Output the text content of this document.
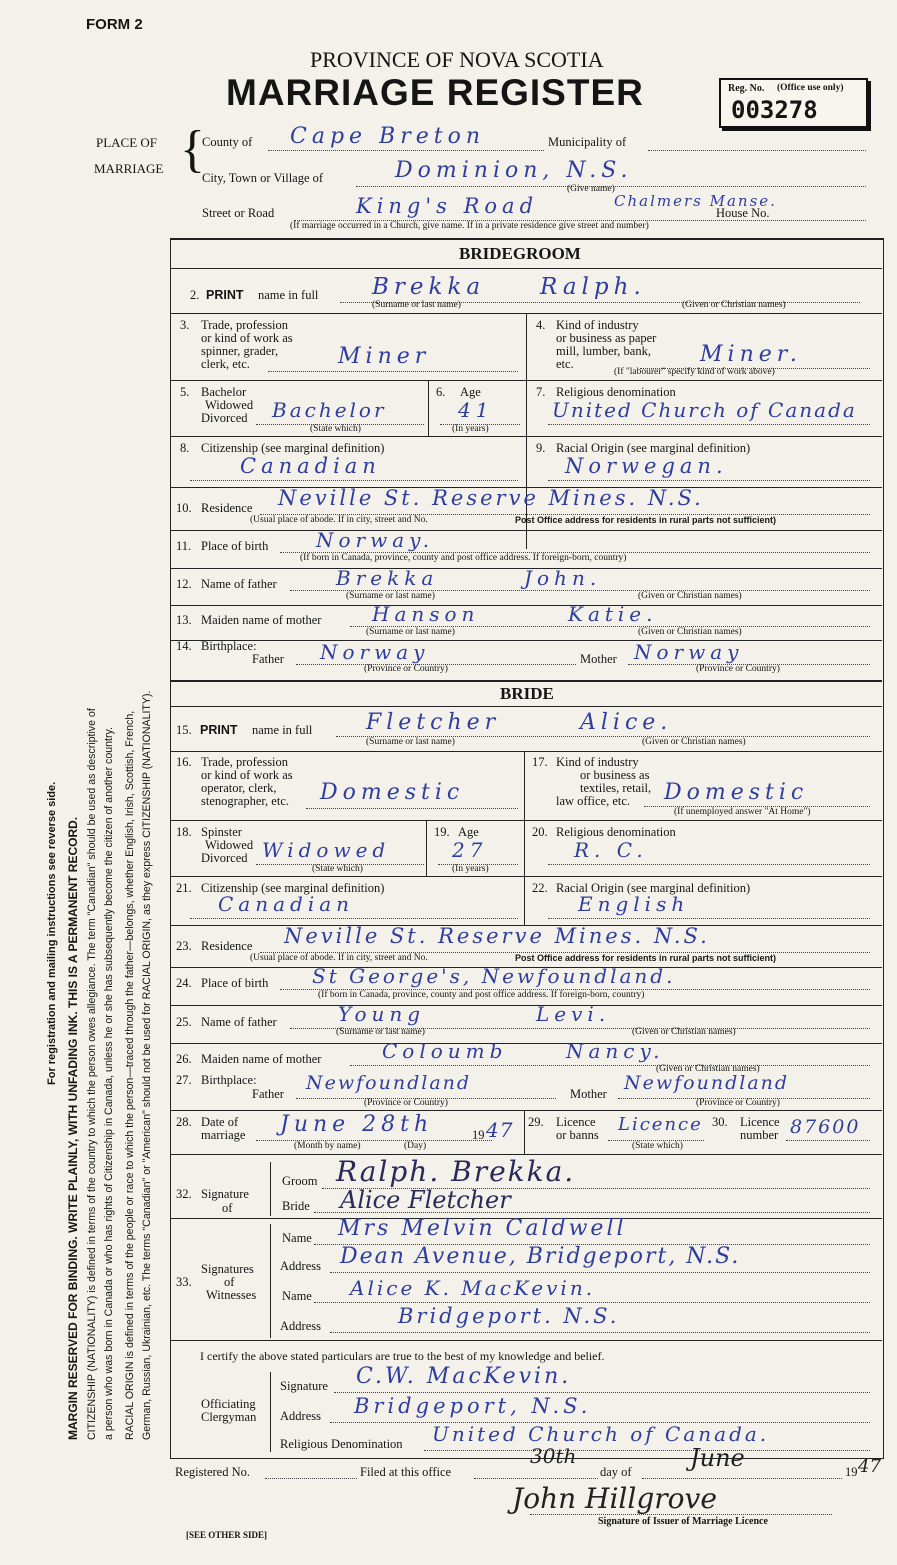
FORM 2
PROVINCE OF NOVA SCOTIA
MARRIAGE REGISTER	Reg. No. (Office use only)
003278
For registration and mailing instructions see reverse side. MARGIN RESERVED FOR BINDING. WRITE PLAINLY, WITH UNFADING INK. THIS IS A PERMANENT RECORD. CITIZENSHIP (NATIONALITY) is defined in terms of the country to which the person owes allegiance. The term "Canadian" should be used as descriptive of a person who was born in Canada or who has rights of Citizenship in Canada, unless he or she has subsequently become the citizen of another country. RACIAL ORIGIN is defined in terms of the people or race to which the person—traced through the father—belongs, whether English, Irish, Scottish, French, German, Russian, Ukrainian, etc. The terms "Canadian" or "American" should not be used for RACIAL ORIGIN, as they express CITIZENSHIP (NATIONALITY).
PLACE OF
MARRIAGE {
County of Cape Breton	Municipality of
City, Town or Village of	Dominion, N.S.
(Give name)
Street or Road	King's Road	Chalmers Manse.
House No.
(If marriage occurred in a Church, give name. If in a private residence give street and number)
BRIDEGROOM
2. PRINT name in full Brekka Ralph.
(Surname or last name)	(Given or Christian names)
3. Trade, profession
or kind of work as
spinner, grader,
clerk, etc.	Miner
4. Kind of industry
or business as paper
mill, lumber, bank,
etc.	Miner.
(If "labourer" specify kind of work above)
5. Bachelor
Widowed
Divorced Bachelor
(State which)
6. Age
41
(In years)
7. Religious denomination
United Church of Canada
8. Citizenship (see marginal definition)
Canadian
9. Racial Origin (see marginal definition)
Norwegan.
10. Residence Neville St. Reserve Mines. N.S.
(Usual place of abode. If in city, street and No.	Post Office address for residents in rural parts not sufficient)
11. Place of birth Norway.
(If born in Canada, province, county and post office address. If foreign-born, country)
12. Name of father	Brekka	John.
(Surname or last name)	(Given or Christian names)
13. Maiden name of mother	Hanson	Katie.
(Surname or last name)	(Given or Christian names)
14. Birthplace:
Father Norway	Mother Norway
(Province or Country)	(Province or Country)
BRIDE
15. PRINT name in full Fletcher	Alice.
(Surname or last name)	(Given or Christian names)
16. Trade, profession
or kind of work as
operator, clerk,
stenographer, etc. Domestic
17. Kind of industry
or business as
textiles, retail,
law office, etc. Domestic
(If unemployed answer "At Home")
18. Spinster
Widowed
Divorced Widowed
(State which)
19. Age
27
(In years)
20. Religious denomination
R. C.
21. Citizenship (see marginal definition)
Canadian
22. Racial Origin (see marginal definition)
English
23. Residence Neville St. Reserve Mines. N.S.
(Usual place of abode. If in city, street and No.	Post Office address for residents in rural parts not sufficient)
24. Place of birth St George's, Newfoundland.
(If born in Canada, province, county and post office address. If foreign-born, country)
25. Name of father	Young	Levi.
(Surname or last name)	(Given or Christian names)
26. Maiden name of mother	Coloumb	Nancy.
(Given or Christian names)
27. Birthplace:
Father Newfoundland	Mother Newfoundland
(Province or Country)	(Province or Country)
28. Date of
marriage June 28th	19 47
(Month by name)	(Day)
29. Licence
or banns Licence
(State which)
30. Licence
number 87600
32. Signature
of
Groom Ralph. Brekka.
Bride Alice Fletcher
33.
Signatures
of
Witnesses
Name Mrs Melvin Caldwell
Address Dean Avenue, Bridgeport, N.S.
Name Alice K. MacKevin.
Address	Bridgeport. N.S.
I certify the above stated particulars are true to the best of my knowledge and belief.
Officiating
Clergyman
Signature C.W. MacKevin.
Address Bridgeport, N.S.
Religious Denomination United Church of Canada.
Registered No.	Filed at this office
30th
day of June	19 47
John Hillgrove
Signature of Issuer of Marriage Licence
[SEE OTHER SIDE]
